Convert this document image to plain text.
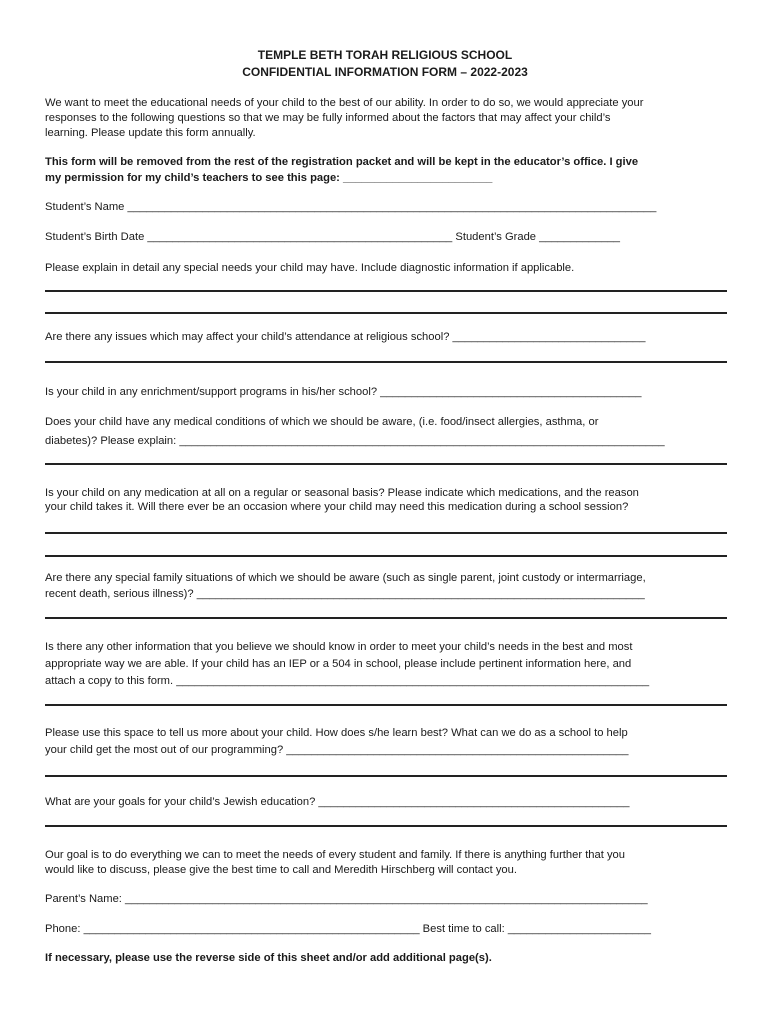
TEMPLE BETH TORAH RELIGIOUS SCHOOL
CONFIDENTIAL INFORMATION FORM – 2022-2023
We want to meet the educational needs of your child to the best of our ability. In order to do so, we would appreciate your
responses to the following questions so that we may be fully informed about the factors that may affect your child’s
learning. Please update this form annually.
This form will be removed from the rest of the registration packet and will be kept in the educator’s office. I give
my permission for my child’s teachers to see this page: ________________________
Student’s Name _____________________________________________________________________________________
Student’s Birth Date _________________________________________________ Student’s Grade _____________
Please explain in detail any special needs your child may have. Include diagnostic information if applicable.
Are there any issues which may affect your child’s attendance at religious school? _______________________________
Is your child in any enrichment/support programs in his/her school? __________________________________________
Does your child have any medical conditions of which we should be aware, (i.e. food/insect allergies, asthma, or
diabetes)? Please explain: ______________________________________________________________________________
Is your child on any medication at all on a regular or seasonal basis? Please indicate which medications, and the reason
your child takes it. Will there ever be an occasion where your child may need this medication during a school session?
Are there any special family situations of which we should be aware (such as single parent, joint custody or intermarriage,
recent death, serious illness)? ________________________________________________________________________
Is there any other information that you believe we should know in order to meet your child’s needs in the best and most
appropriate way we are able. If your child has an IEP or a 504 in school, please include pertinent information here, and
attach a copy to this form. ____________________________________________________________________________
Please use this space to tell us more about your child. How does s/he learn best? What can we do as a school to help
your child get the most out of our programming? _______________________________________________________
What are your goals for your child’s Jewish education? __________________________________________________
Our goal is to do everything we can to meet the needs of every student and family. If there is anything further that you
would like to discuss, please give the best time to call and Meredith Hirschberg will contact you.
Parent’s Name: ____________________________________________________________________________________
Phone: ______________________________________________________ Best time to call: _______________________
If necessary, please use the reverse side of this sheet and/or add additional page(s).
